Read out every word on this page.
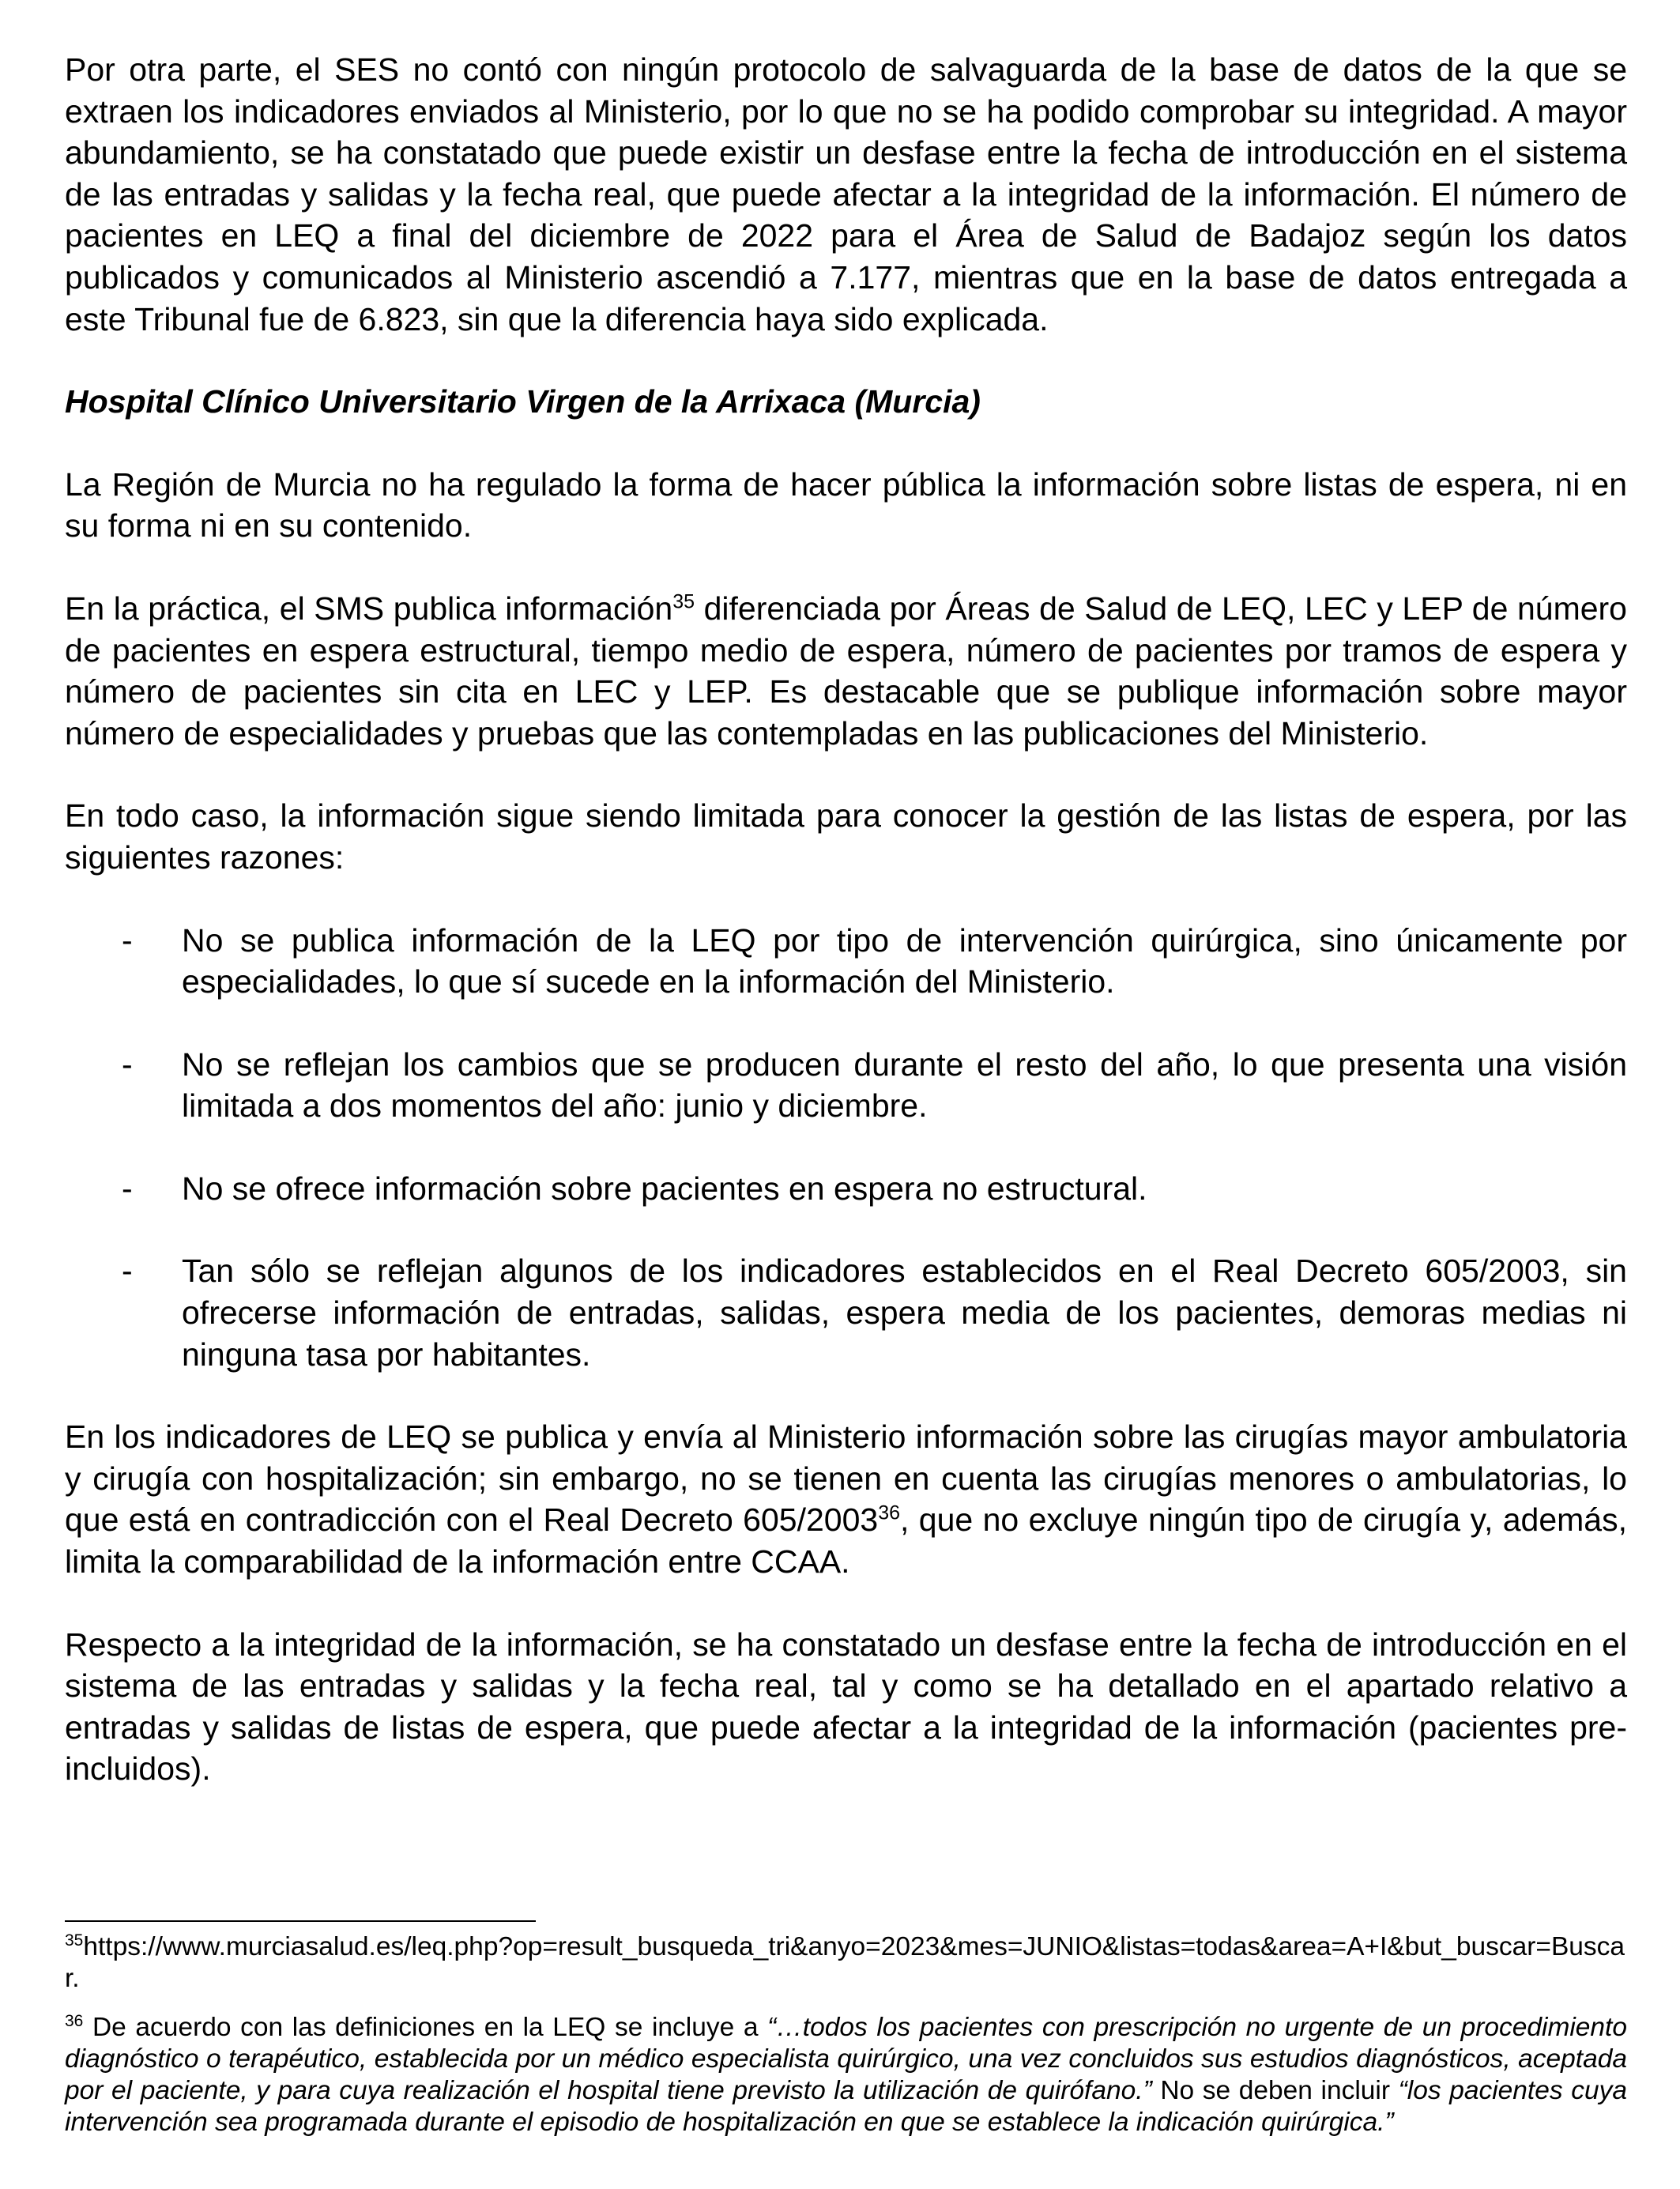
Por otra parte, el SES no contó con ningún protocolo de salvaguarda de la base de datos de la que se extraen los indicadores enviados al Ministerio, por lo que no se ha podido comprobar su integridad. A mayor abundamiento, se ha constatado que puede existir un desfase entre la fecha de introducción en el sistema de las entradas y salidas y la fecha real, que puede afectar a la integridad de la información. El número de pacientes en LEQ a final del diciembre de 2022 para el Área de Salud de Badajoz según los datos publicados y comunicados al Ministerio ascendió a 7.177, mientras que en la base de datos entregada a este Tribunal fue de 6.823, sin que la diferencia haya sido explicada.

Hospital Clínico Universitario Virgen de la Arrixaca (Murcia)

La Región de Murcia no ha regulado la forma de hacer pública la información sobre listas de espera, ni en su forma ni en su contenido.

En la práctica, el SMS publica información$^{35}$ diferenciada por Áreas de Salud de LEQ, LEC y LEP de número de pacientes en espera estructural, tiempo medio de espera, número de pacientes por tramos de espera y número de pacientes sin cita en LEC y LEP. Es destacable que se publique información sobre mayor número de especialidades y pruebas que las contempladas en las publicaciones del Ministerio.

En todo caso, la información sigue siendo limitada para conocer la gestión de las listas de espera, por las siguientes razones:

- No se publica información de la LEQ por tipo de intervención quirúrgica, sino únicamente por especialidades, lo que sí sucede en la información del Ministerio.
- No se reflejan los cambios que se producen durante el resto del año, lo que presenta una visión limitada a dos momentos del año: junio y diciembre.
- No se ofrece información sobre pacientes en espera no estructural.
- Tan sólo se reflejan algunos de los indicadores establecidos en el Real Decreto 605/2003, sin ofrecerse información de entradas, salidas, espera media de los pacientes, demoras medias ni ninguna tasa por habitantes.

En los indicadores de LEQ se publica y envía al Ministerio información sobre las cirugías mayor ambulatoria y cirugía con hospitalización; sin embargo, no se tienen en cuenta las cirugías menores o ambulatorias, lo que está en contradicción con el Real Decreto 605/2003$^{36}$, que no excluye ningún tipo de cirugía y, además, limita la comparabilidad de la información entre CCAA.

Respecto a la integridad de la información, se ha constatado un desfase entre la fecha de introducción en el sistema de las entradas y salidas y la fecha real, tal y como se ha detallado en el apartado relativo a entradas y salidas de listas de espera, que puede afectar a la integridad de la información (pacientes pre-incluidos).

$^{35}$https://www.murciasalud.es/leq.php?op=result_busqueda_tri&anyo=2023&mes=JUNIO&listas=todas&area=A+I&but_buscar=Buscar.

$^{36}$ De acuerdo con las definiciones en la LEQ se incluye a “…todos los pacientes con prescripción no urgente de un procedimiento diagnóstico o terapéutico, establecida por un médico especialista quirúrgico, una vez concluidos sus estudios diagnósticos, aceptada por el paciente, y para cuya realización el hospital tiene previsto la utilización de quirófano.” No se deben incluir “los pacientes cuya intervención sea programada durante el episodio de hospitalización en que se establece la indicación quirúrgica.”
